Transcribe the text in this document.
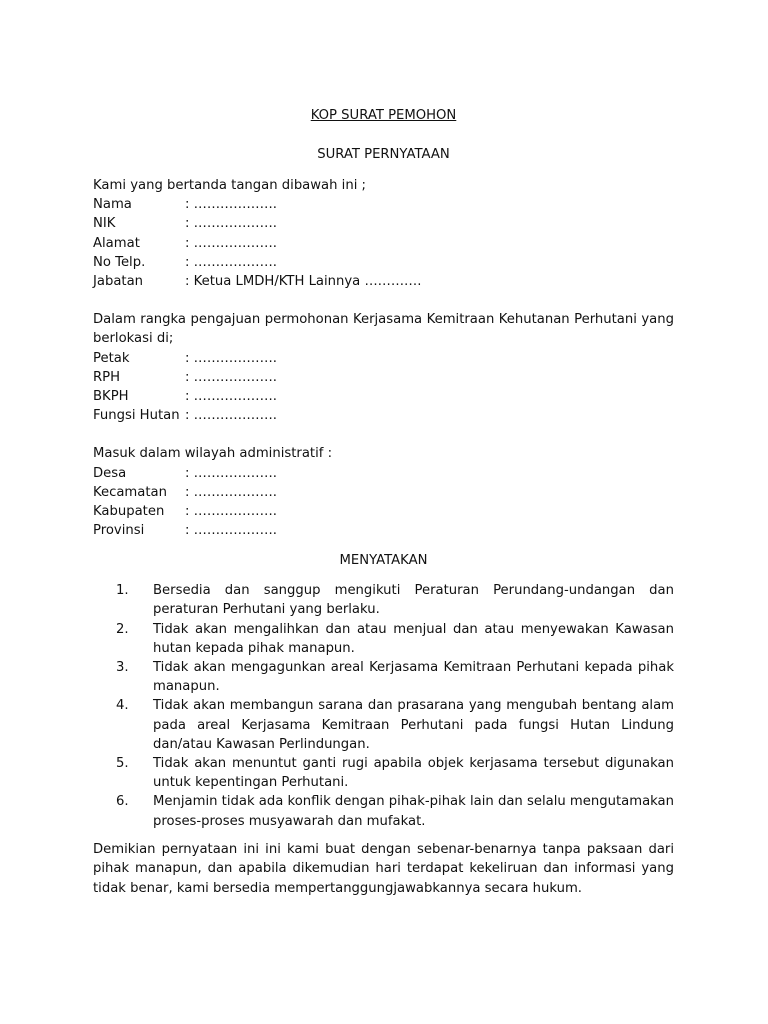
KOP SURAT PEMOHON
SURAT PERNYATAAN
Kami yang bertanda tangan dibawah ini ;
Nama	: ……………….
NIK	: ……………….
Alamat	: ……………….
No Telp.	: ……………….
Jabatan	: Ketua LMDH/KTH Lainnya ………….
Dalam rangka pengajuan permohonan Kerjasama Kemitraan Kehutanan Perhutani yang
berlokasi di;
Petak	: ……………….
RPH	: ……………….
BKPH	: ……………….
Fungsi Hutan : ……………….
Masuk dalam wilayah administratif :
Desa	: ……………….
Kecamatan	: ……………….
Kabupaten	: ……………….
Provinsi	: ……………….
MENYATAKAN
1.	Bersedia dan sanggup mengikuti Peraturan Perundang-undangan dan peraturan Perhutani yang berlaku.
2.	Tidak akan mengalihkan dan atau menjual dan atau menyewakan Kawasan hutan kepada pihak manapun.
3.	Tidak akan mengagunkan areal Kerjasama Kemitraan Perhutani kepada pihak manapun.
4.	Tidak akan membangun sarana dan prasarana yang mengubah bentang alam pada areal Kerjasama Kemitraan Perhutani pada fungsi Hutan Lindung dan/atau Kawasan Perlindungan.
5.	Tidak akan menuntut ganti rugi apabila objek kerjasama tersebut digunakan untuk kepentingan Perhutani.
6.	Menjamin tidak ada konflik dengan pihak-pihak lain dan selalu mengutamakan proses-proses musyawarah dan mufakat.
Demikian pernyataan ini ini kami buat dengan sebenar-benarnya tanpa paksaan dari pihak manapun, dan apabila dikemudian hari terdapat kekeliruan dan informasi yang tidak benar, kami bersedia mempertanggungjawabkannya secara hukum.
